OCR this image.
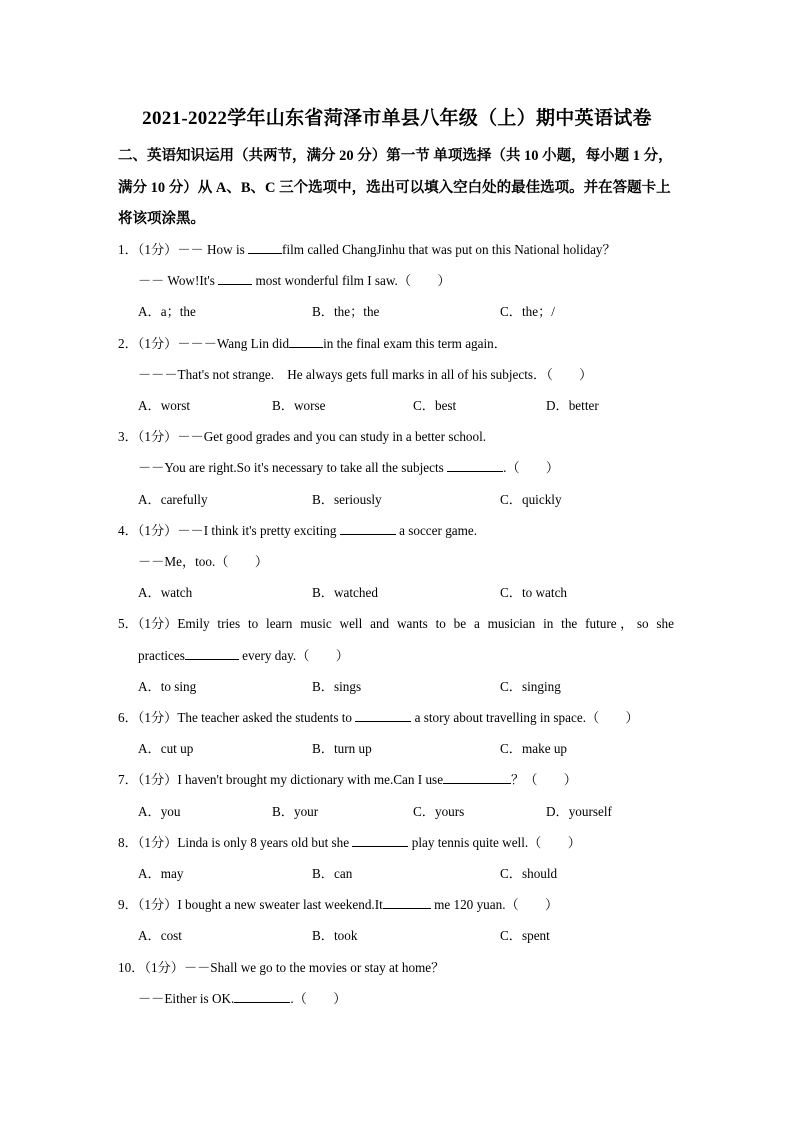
2021-2022学年山东省菏泽市单县八年级（上）期中英语试卷
二、英语知识运用（共两节，满分 20 分）第一节 单项选择（共 10 小题，每小题 1 分，
满分 10 分）从 A、B、C 三个选项中，选出可以填入空白处的最佳选项。并在答题卡上
将该项涂黑。
1．（1分）－－ How is	film called ChangJinhu that was put on this National holiday？
－－ Wow!It's	most wonderful film I saw.（　　）
A．a；the	B．the；the	C．the；/
2．（1分）－－－Wang Lin did	in the final exam this term again．
－－－That's not strange.　He always gets full marks in all of his subjects．（　　）
A．worst	B．worse	C．best	D．better
3．（1分）－－Get good grades and you can study in a better school.
－－You are right.So it's necessary to take all the subjects	.（　　）
A．carefully	B．seriously	C．quickly
4．（1分）－－I think it's pretty exciting	a soccer game.
－－Me，too.（　　）
A．watch	B．watched	C．to watch
5．（1分） Emily tries to learn music well and wants to be a musician in the future，so she
practices	every day.（　　）
A．to sing	B．sings	C．singing
6．（1分）The teacher asked the students to	a story about travelling in space.（　　）
A．cut up	B．turn up	C．make up
7．（1分）I haven't brought my dictionary with me.Can I use	？（　　）
A．you	B．your	C．yours	D．yourself
8．（1分）Linda is only 8 years old but she	play tennis quite well.（　　）
A．may	B．can	C．should
9．（1分）I bought a new sweater last weekend.It	me 120 yuan.（　　）
A．cost	B．took	C．spent
10．（1分）－－Shall we go to the movies or stay at home？
－－Either is OK.	.（　　）
